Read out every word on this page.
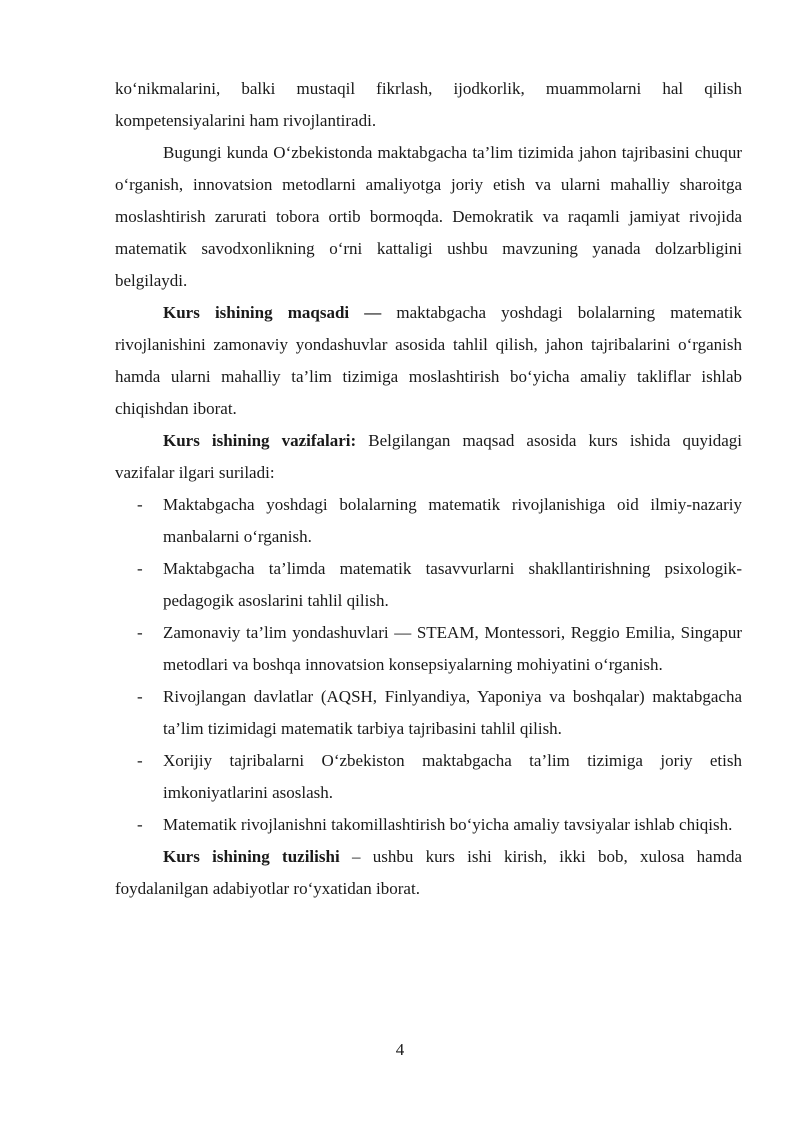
ko‘nikmalarini, balki mustaqil fikrlash, ijodkorlik, muammolarni hal qilish kompetensiyalarini ham rivojlantiradi.

Bugungi kunda O‘zbekistonda maktabgacha ta’lim tizimida jahon tajribasini chuqur o‘rganish, innovatsion metodlarni amaliyotga joriy etish va ularni mahalliy sharoitga moslashtirish zarurati tobora ortib bormoqda. Demokratik va raqamli jamiyat rivojida matematik savodxonlikning o‘rni kattaligi ushbu mavzuning yanada dolzarbligini belgilaydi.

Kurs ishining maqsadi — maktabgacha yoshdagi bolalarning matematik rivojlanishini zamonaviy yondashuvlar asosida tahlil qilish, jahon tajribalarini o‘rganish hamda ularni mahalliy ta’lim tizimiga moslashtirish bo‘yicha amaliy takliflar ishlab chiqishdan iborat.

Kurs ishining vazifalari: Belgilangan maqsad asosida kurs ishida quyidagi vazifalar ilgari suriladi:

- Maktabgacha yoshdagi bolalarning matematik rivojlanishiga oid ilmiy-nazariy manbalarni o‘rganish.
- Maktabgacha ta’limda matematik tasavvurlarni shakllantirishning psixologik-pedagogik asoslarini tahlil qilish.
- Zamonaviy ta’lim yondashuvlari — STEAM, Montessori, Reggio Emilia, Singapur metodlari va boshqa innovatsion konsepsiyalarning mohiyatini o‘rganish.
- Rivojlangan davlatlar (AQSH, Finlyandiya, Yaponiya va boshqalar) maktabgacha ta’lim tizimidagi matematik tarbiya tajribasini tahlil qilish.
- Xorijiy tajribalarni O‘zbekiston maktabgacha ta’lim tizimiga joriy etish imkoniyatlarini asoslash.
- Matematik rivojlanishni takomillashtirish bo‘yicha amaliy tavsiyalar ishlab chiqish.

Kurs ishining tuzilishi – ushbu kurs ishi kirish, ikki bob, xulosa hamda foydalanilgan adabiyotlar ro‘yxatidan iborat.

4
